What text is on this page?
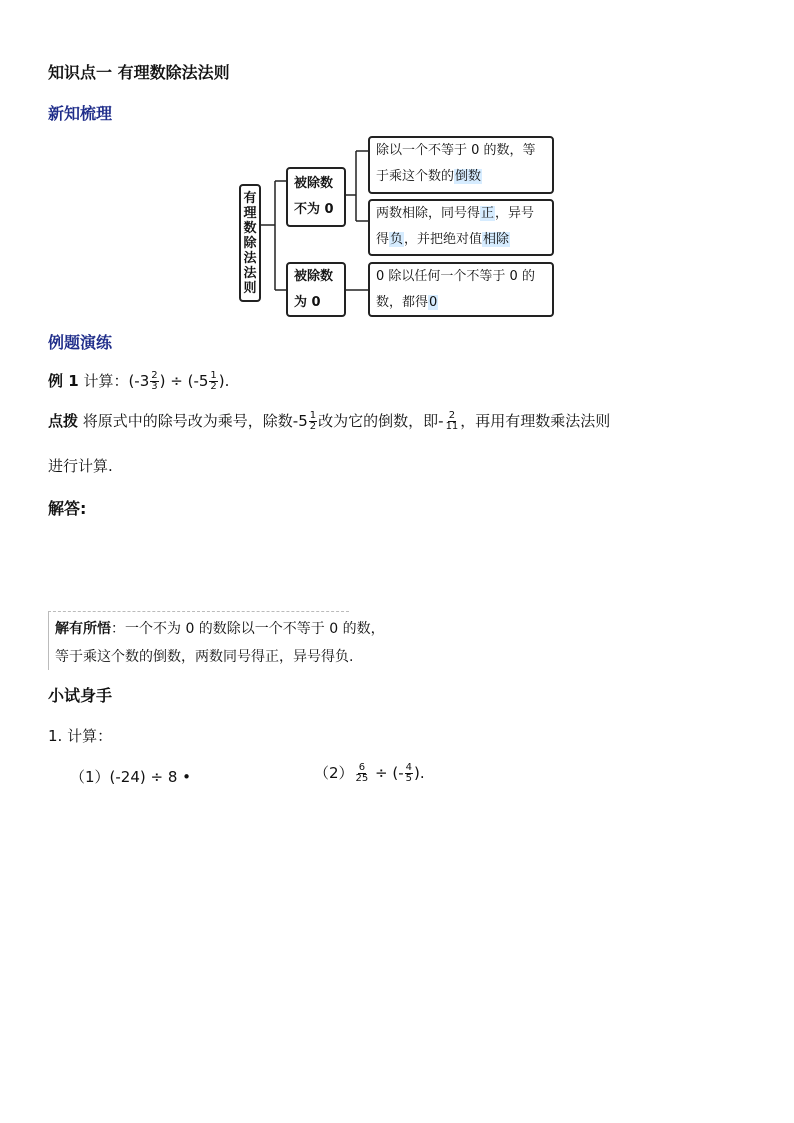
知识点一 有理数除法法则
新知梳理
有
理
数
除
法
法
则
被除数
不为 0
被除数
为 0
除以一个不等于 0 的数，等
于乘这个数的倒数
两数相除，同号得正，异号
得负，并把绝对值相除
0 除以任何一个不等于 0 的
数，都得0
例题演练
例 1 计算：($-3 \frac{2}{3}$ ) ÷ ($-5 \frac{1}{2}$ ).
点拨 将原式中的除号改为乘号，除数$-5 \frac{1}{2}$ 改为它的倒数，即- $\frac{2}{11}$ ，再用有理数乘法法则
进行计算.
解答:
解有所悟：一个不为 0 的数除以一个不等于 0 的数，
等于乘这个数的倒数，两数同号得正，异号得负.
小试身手
1. 计算：
（1）(-24) ÷ 8 •	$(2) \frac{6}{25}$ ÷ (- $\frac{4}{5}$ ).
